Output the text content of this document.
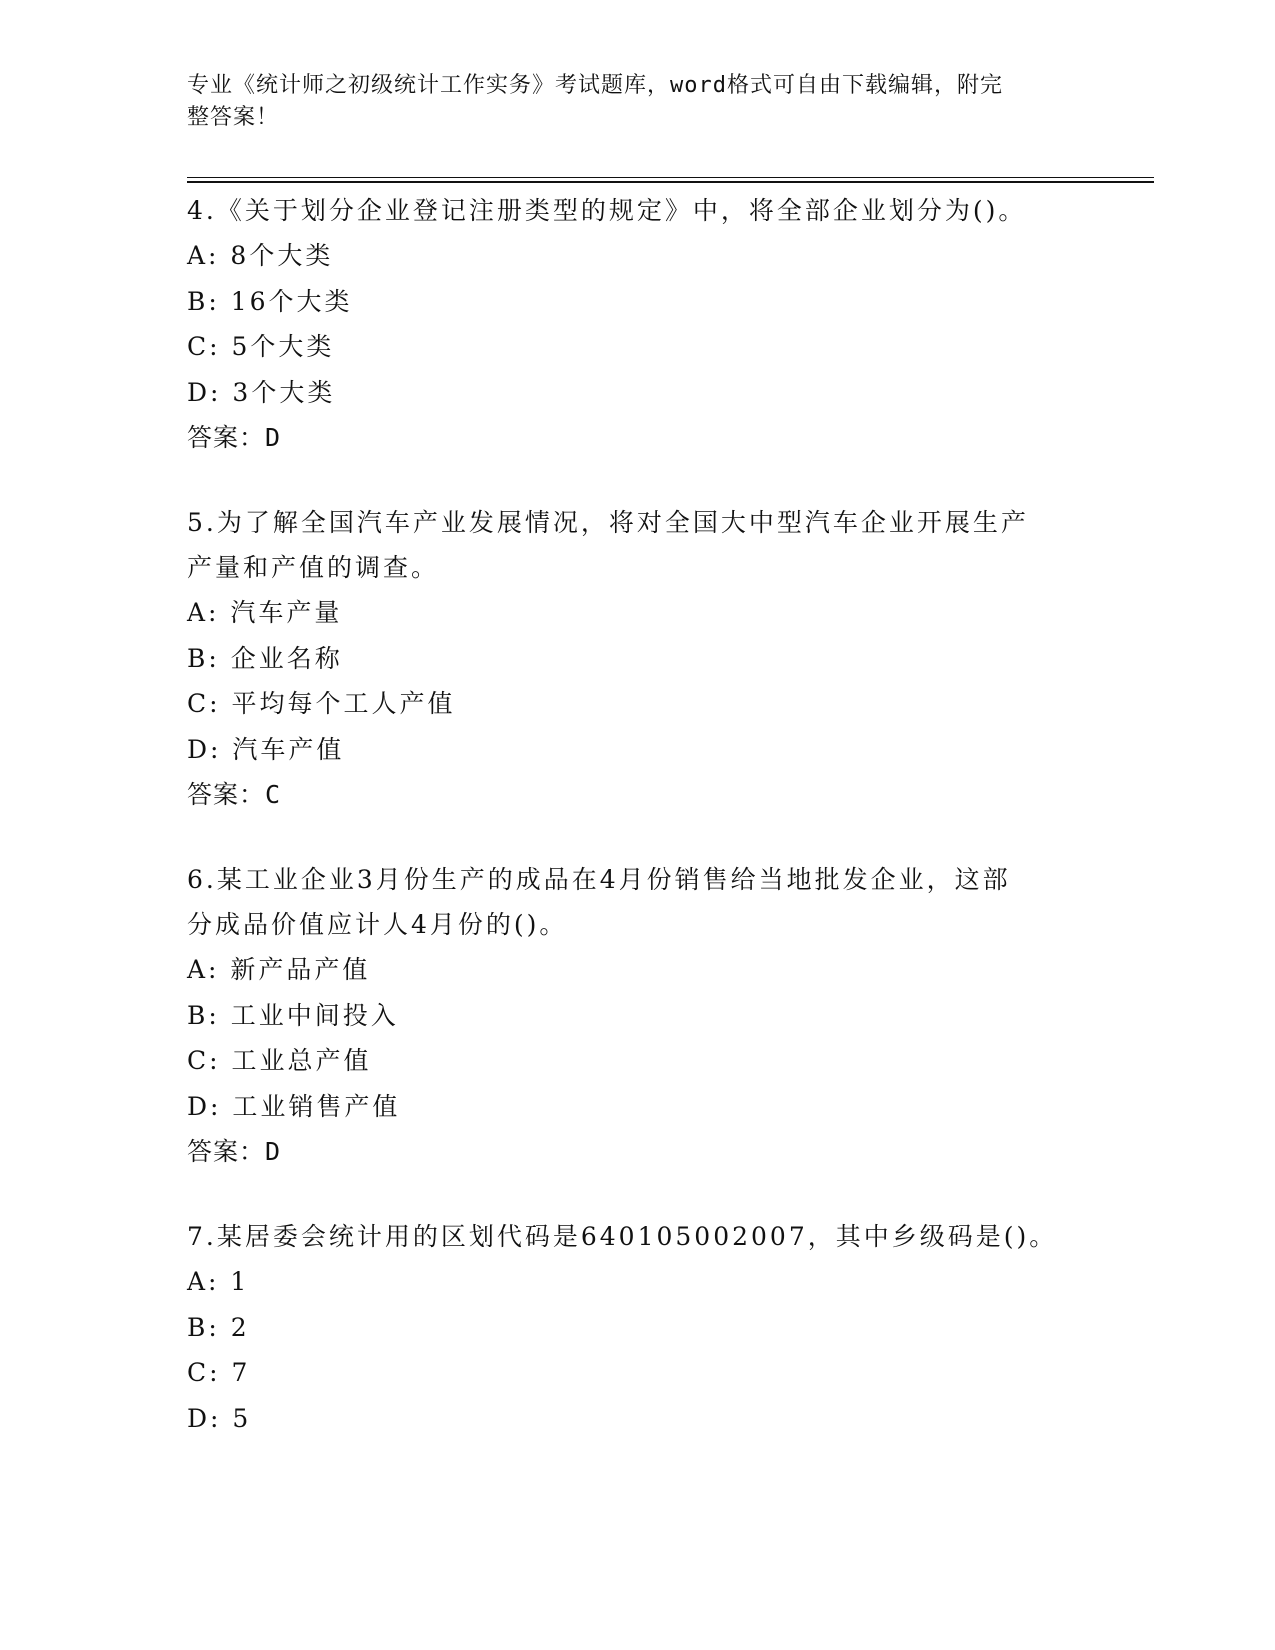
专业《统计师之初级统计工作实务》考试题库，word格式可自由下载编辑，附完
整答案！
4.《关于划分企业登记注册类型的规定》中，将全部企业划分为()。
A: 8个大类
B: 16个大类
C: 5个大类
D: 3个大类
答案：D
5.为了解全国汽车产业发展情况，将对全国大中型汽车企业开展生产
产量和产值的调查。
A: 汽车产量
B: 企业名称
C: 平均每个工人产值
D: 汽车产值
答案：C
6.某工业企业3月份生产的成品在4月份销售给当地批发企业，这部
分成品价值应计人4月份的()。
A: 新产品产值
B: 工业中间投入
C: 工业总产值
D: 工业销售产值
答案：D
7.某居委会统计用的区划代码是640105002007，其中乡级码是()。
A: 1
B: 2
C: 7
D: 5
